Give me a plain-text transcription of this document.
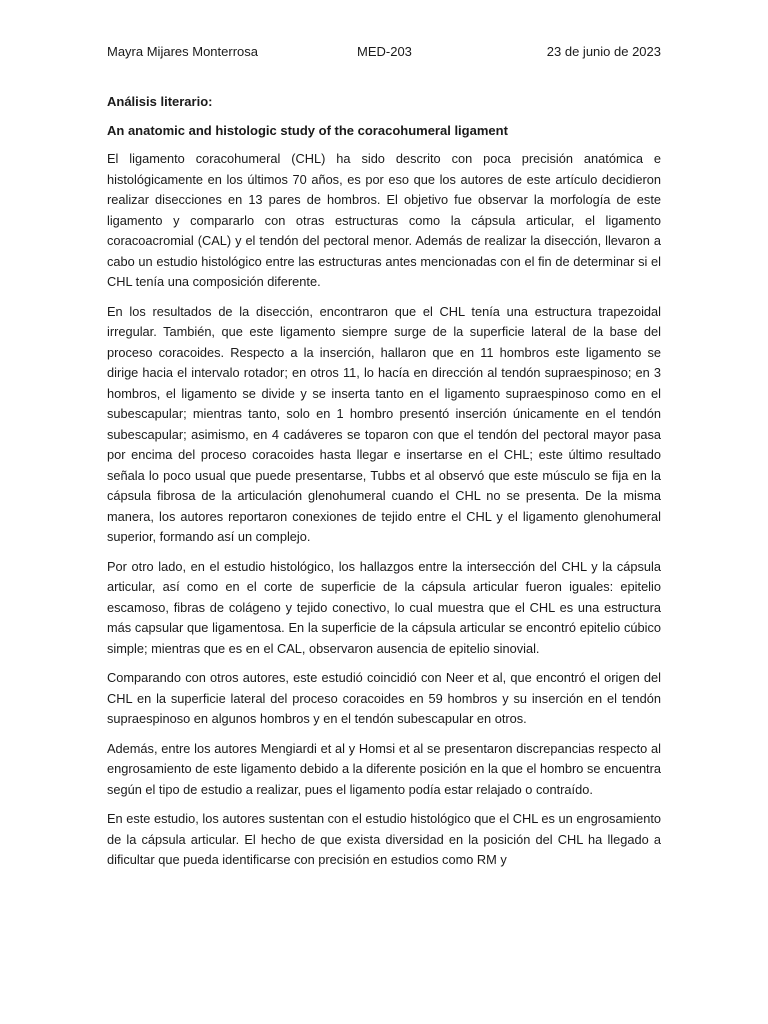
Mayra Mijares Monterrosa	MED-203	23 de junio de 2023

Análisis literario:

An anatomic and histologic study of the coracohumeral ligament

El ligamento coracohumeral (CHL) ha sido descrito con poca precisión anatómica e histológicamente en los últimos 70 años, es por eso que los autores de este artículo decidieron realizar disecciones en 13 pares de hombros. El objetivo fue observar la morfología de este ligamento y compararlo con otras estructuras como la cápsula articular, el ligamento coracoacromial (CAL) y el tendón del pectoral menor. Además de realizar la disección, llevaron a cabo un estudio histológico entre las estructuras antes mencionadas con el fin de determinar si el CHL tenía una composición diferente.

En los resultados de la disección, encontraron que el CHL tenía una estructura trapezoidal irregular. También, que este ligamento siempre surge de la superficie lateral de la base del proceso coracoides. Respecto a la inserción, hallaron que en 11 hombros este ligamento se dirige hacia el intervalo rotador; en otros 11, lo hacía en dirección al tendón supraespinoso; en 3 hombros, el ligamento se divide y se inserta tanto en el ligamento supraespinoso como en el subescapular; mientras tanto, solo en 1 hombro presentó inserción únicamente en el tendón subescapular; asimismo, en 4 cadáveres se toparon con que el tendón del pectoral mayor pasa por encima del proceso coracoides hasta llegar e insertarse en el CHL; este último resultado señala lo poco usual que puede presentarse, Tubbs et al observó que este músculo se fija en la cápsula fibrosa de la articulación glenohumeral cuando el CHL no se presenta. De la misma manera, los autores reportaron conexiones de tejido entre el CHL y el ligamento glenohumeral superior, formando así un complejo.

Por otro lado, en el estudio histológico, los hallazgos entre la intersección del CHL y la cápsula articular, así como en el corte de superficie de la cápsula articular fueron iguales: epitelio escamoso, fibras de colágeno y tejido conectivo, lo cual muestra que el CHL es una estructura más capsular que ligamentosa. En la superficie de la cápsula articular se encontró epitelio cúbico simple; mientras que es en el CAL, observaron ausencia de epitelio sinovial.

Comparando con otros autores, este estudió coincidió con Neer et al, que encontró el origen del CHL en la superficie lateral del proceso coracoides en 59 hombros y su inserción en el tendón supraespinoso en algunos hombros y en el tendón subescapular en otros.

Además, entre los autores Mengiardi et al y Homsi et al se presentaron discrepancias respecto al engrosamiento de este ligamento debido a la diferente posición en la que el hombro se encuentra según el tipo de estudio a realizar, pues el ligamento podía estar relajado o contraído.

En este estudio, los autores sustentan con el estudio histológico que el CHL es un engrosamiento de la cápsula articular. El hecho de que exista diversidad en la posición del CHL ha llegado a dificultar que pueda identificarse con precisión en estudios como RM y
